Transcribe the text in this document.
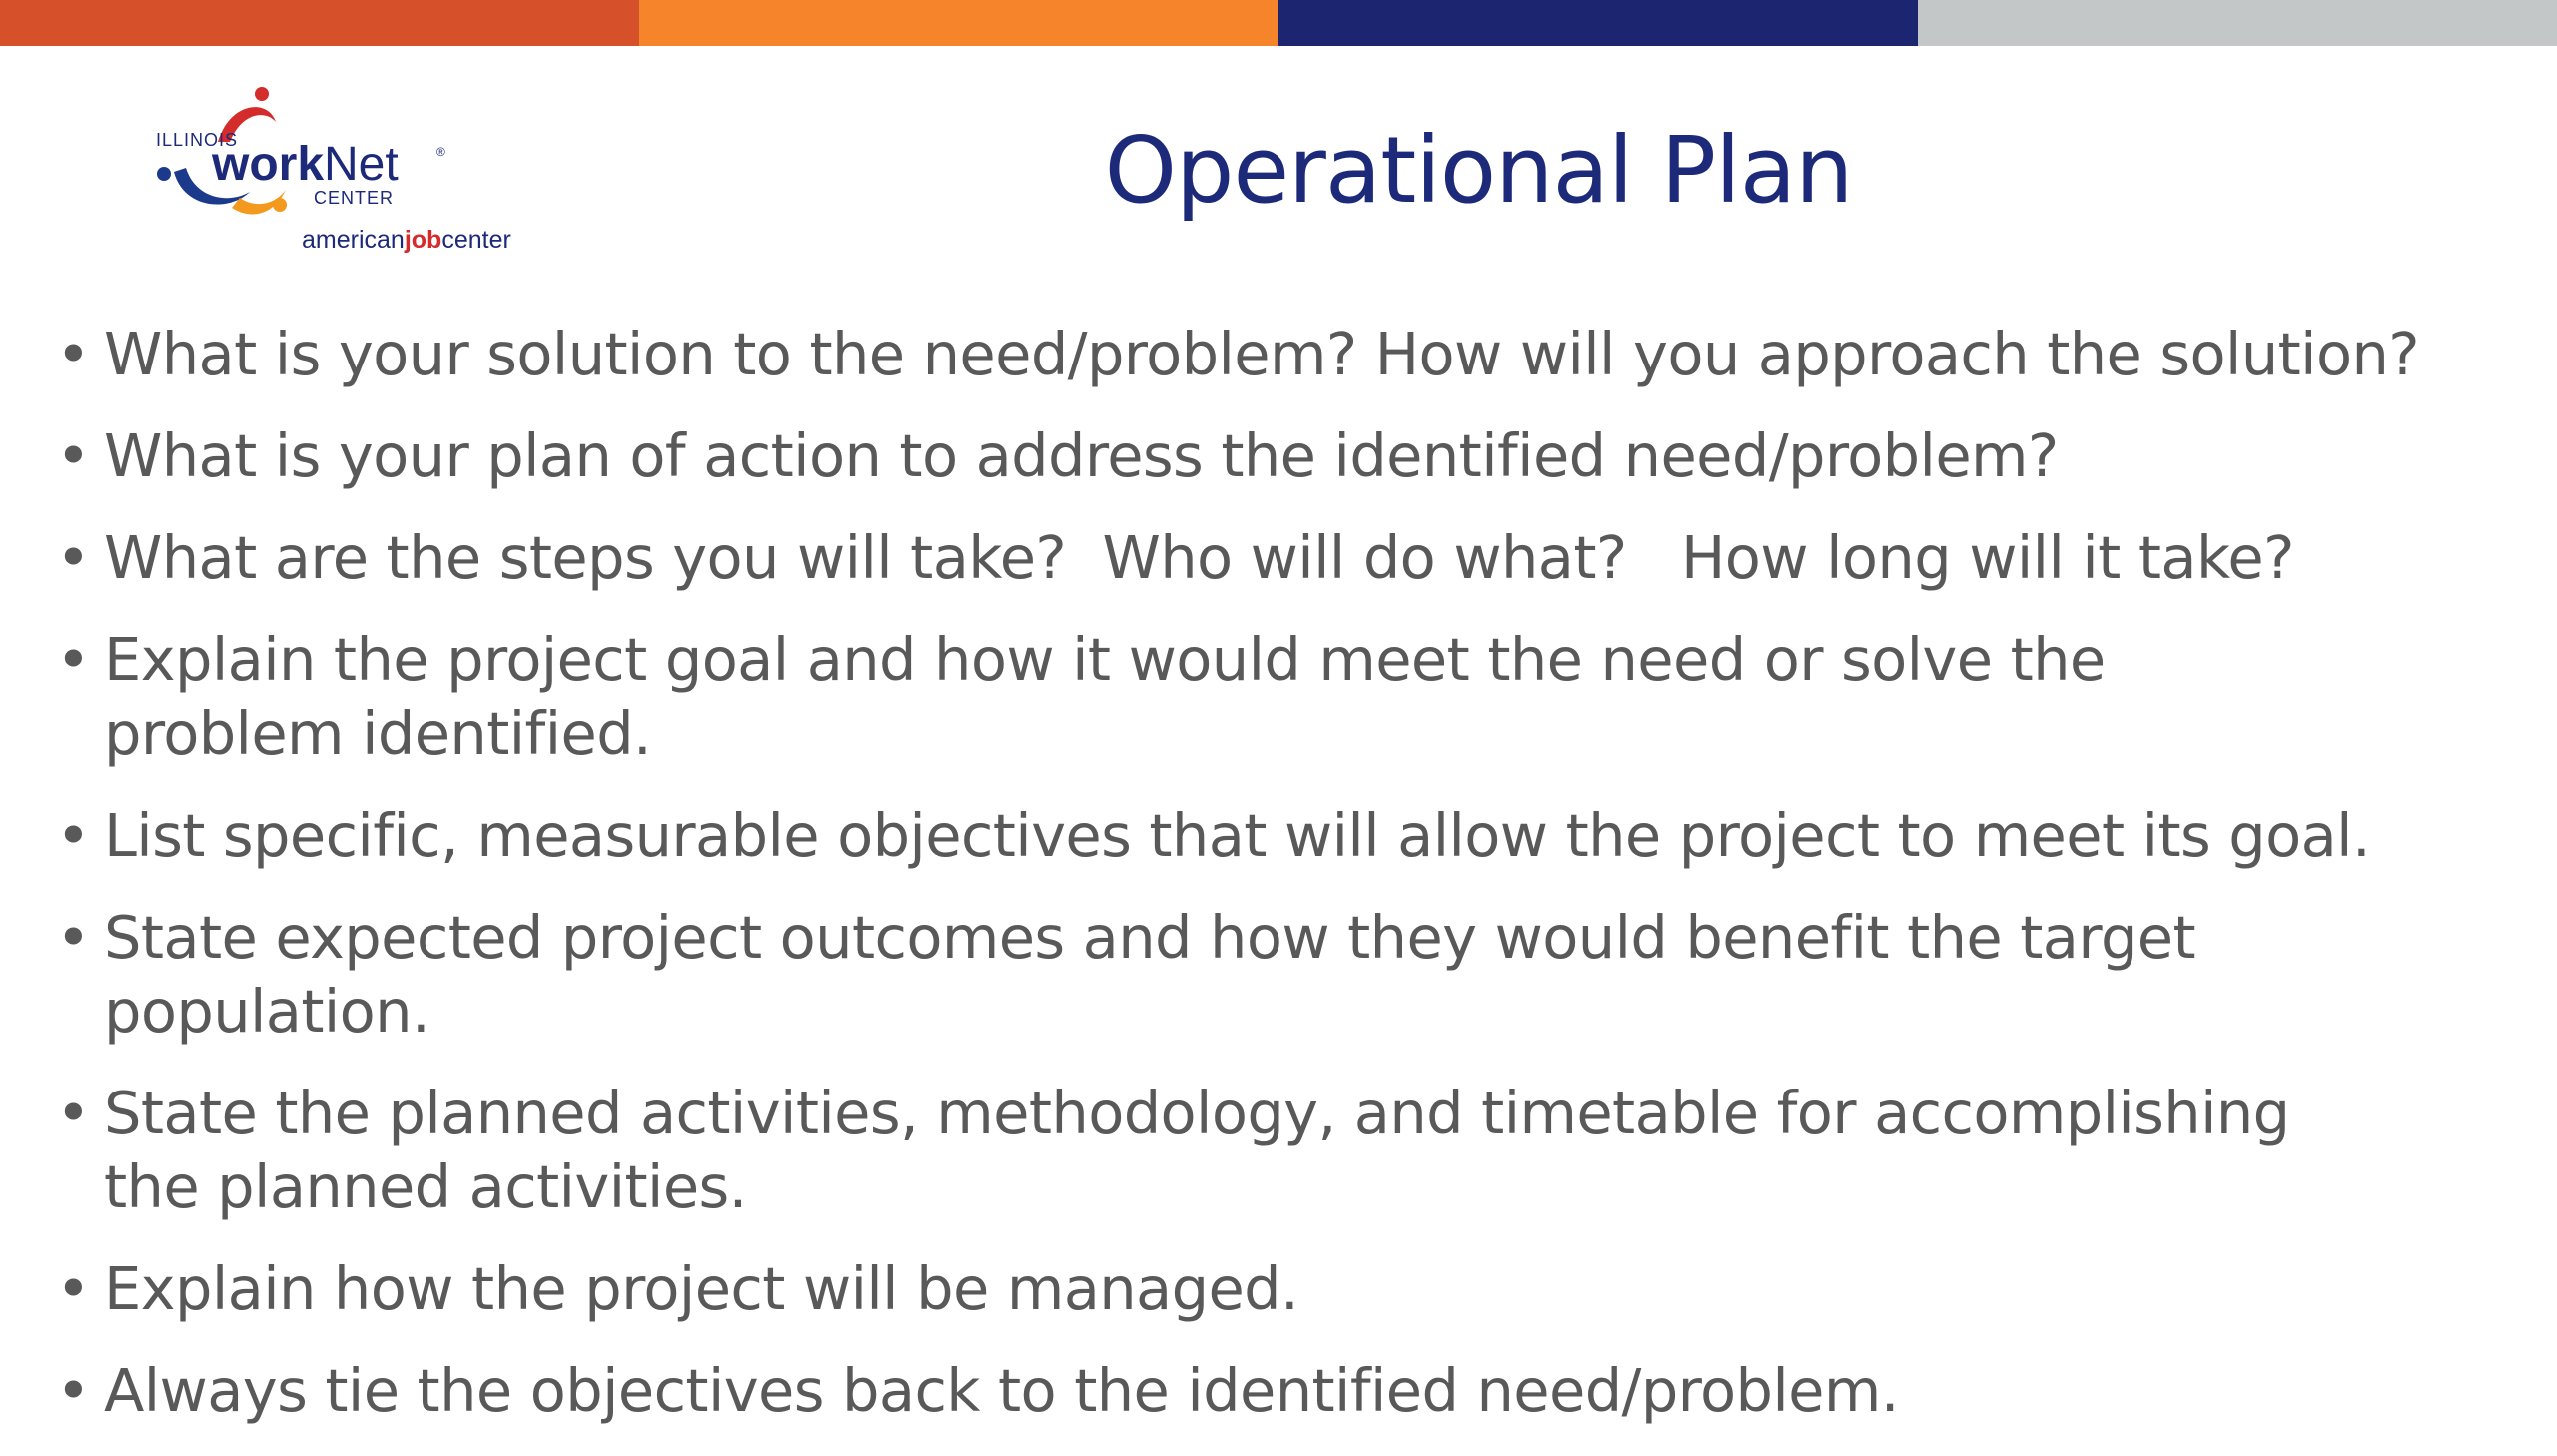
ILLINOIS
work Net	®
CENTER
americanjobcenter
Operational Plan
• What is your solution to the need/problem? How will you approach the solution?
• What is your plan of action to address the identified need/problem?
• What are the steps you will take?  Who will do what?   How long will it take?
• Explain the project goal and how it would meet the need or solve the problem identified.
• List specific, measurable objectives that will allow the project to meet its goal.
• State expected project outcomes and how they would benefit the target population.
• State the planned activities, methodology, and timetable for accomplishing the planned activities.
• Explain how the project will be managed.
• Always tie the objectives back to the identified need/problem.
